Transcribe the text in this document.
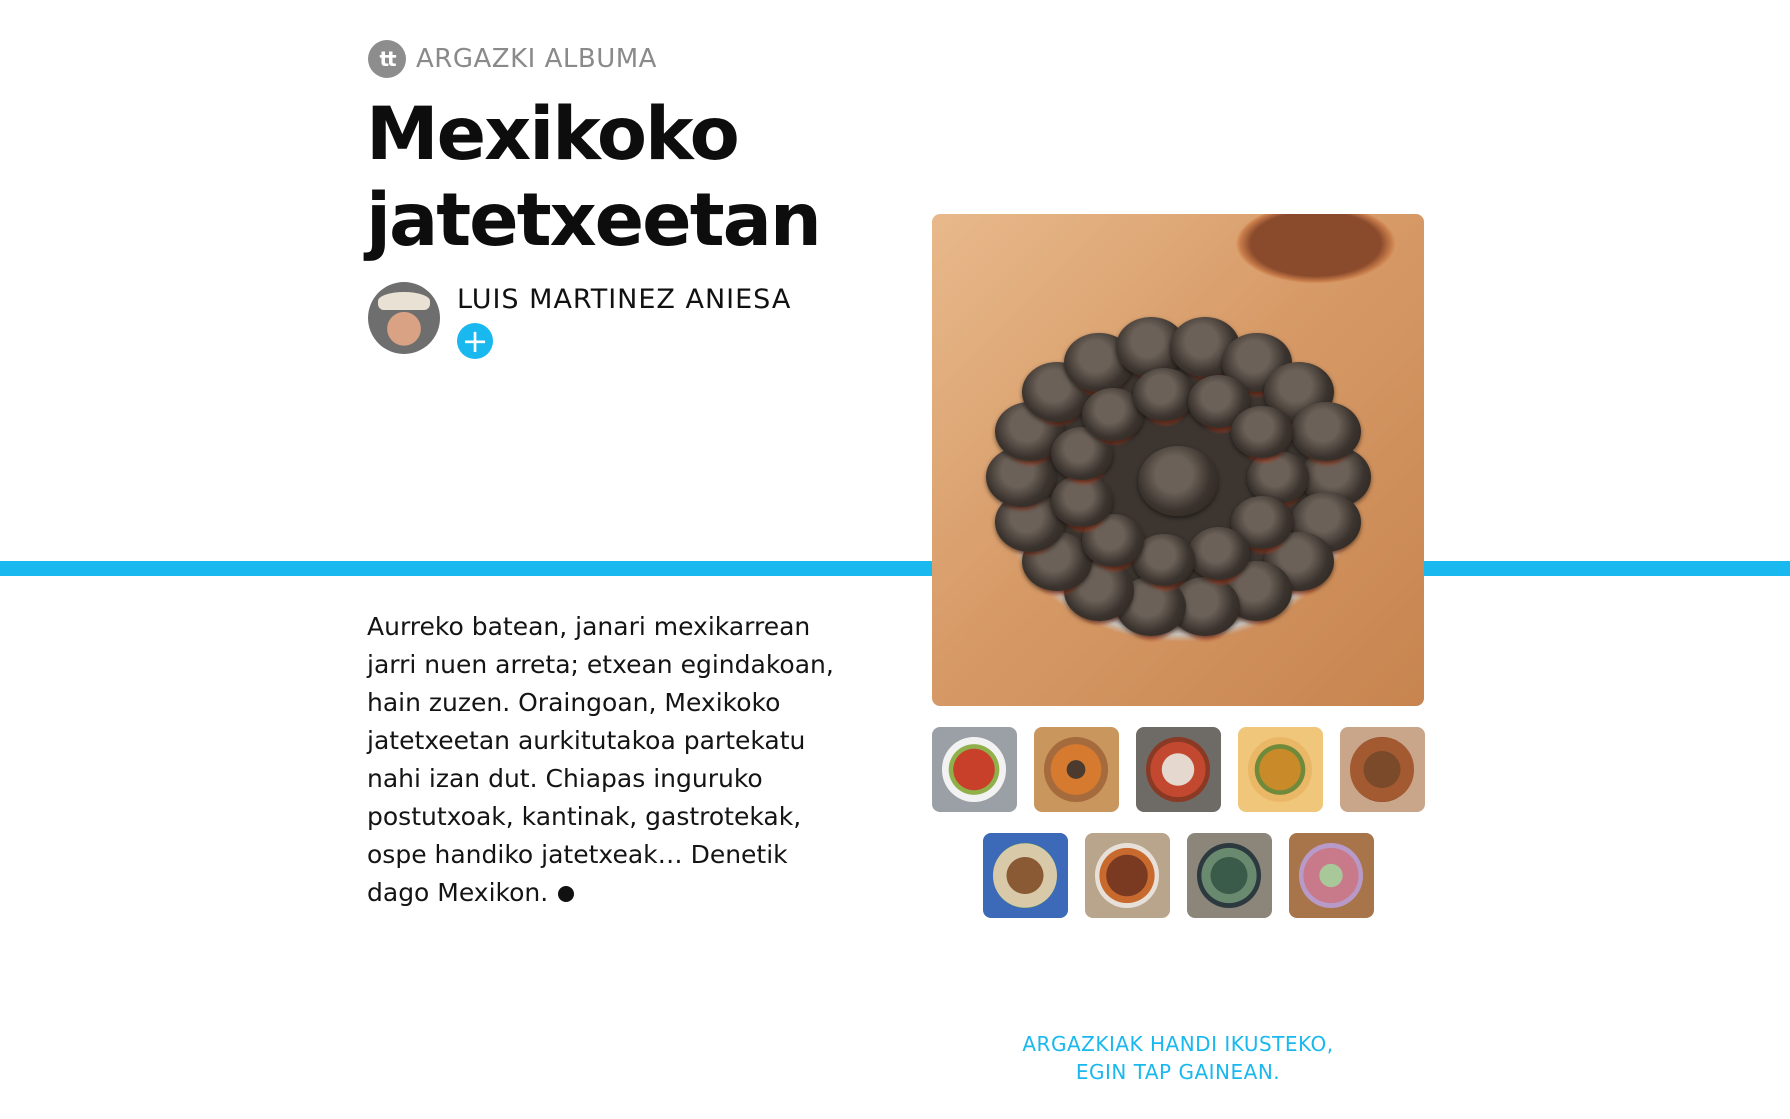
tt ARGAZKI ALBUMA
Mexikoko
jatetxeetan
LUIS MARTINEZ ANIESA
+

Aurreko batean, janari mexikarrean jarri nuen arreta; etxean egindakoan, hain zuzen. Oraingoan, Mexikoko jatetxeetan aurkitutakoa partekatu nahi izan dut. Chiapas inguruko postutxoak, kantinak, gastrotekak, ospe handiko jatetxeak… Denetik dago Mexikon.

ARGAZKIAK HANDI IKUSTEKO,
EGIN TAP GAINEAN.
